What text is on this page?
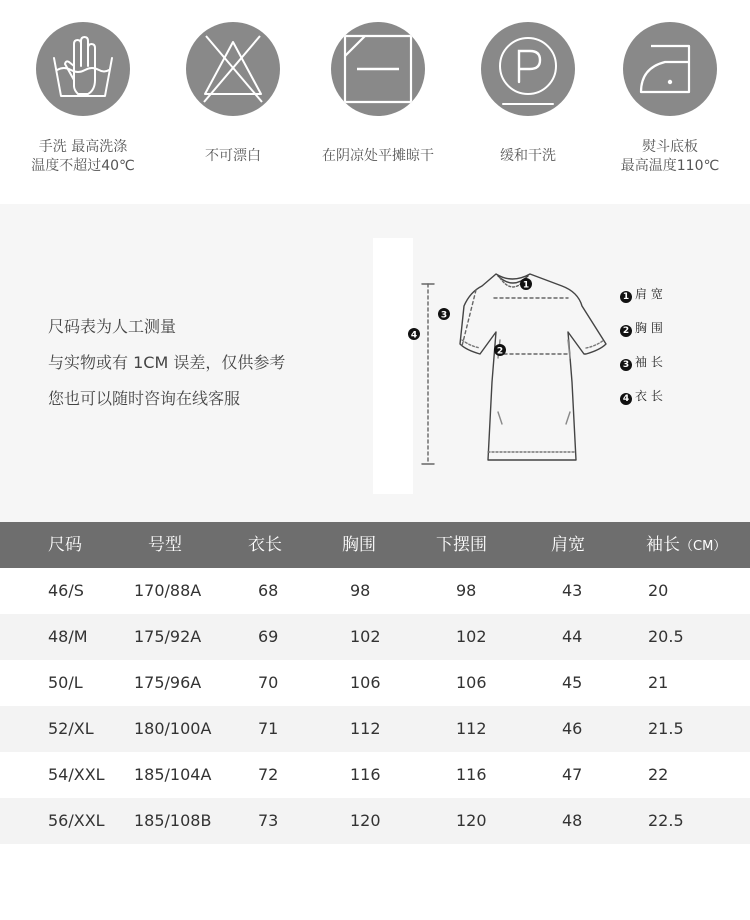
手洗 最高洗涤
温度不超过40℃
不可漂白	在阴凉处平摊晾干	缓和干洗
熨斗底板
最高温度110℃
尺码表为人工测量
与实物或有 1CM 误差，仅供参考
您也可以随时咨询在线客服
1
2
3
4
1 肩 宽
2 胸 围
3 袖 长
4 衣 长
尺码	号型	衣长	胸围	下摆围	肩宽	袖长（CM）
46/S	170/88A	68	98	98	43	20
48/M	175/92A	69	102	102	44	20.5
50/L	175/96A	70	106	106	45	21
52/XL	180/100A	71	112	112	46	21.5
54/XXL 185/104A	72	116	116	47	22
56/XXL 185/108B	73	120	120	48	22.5
